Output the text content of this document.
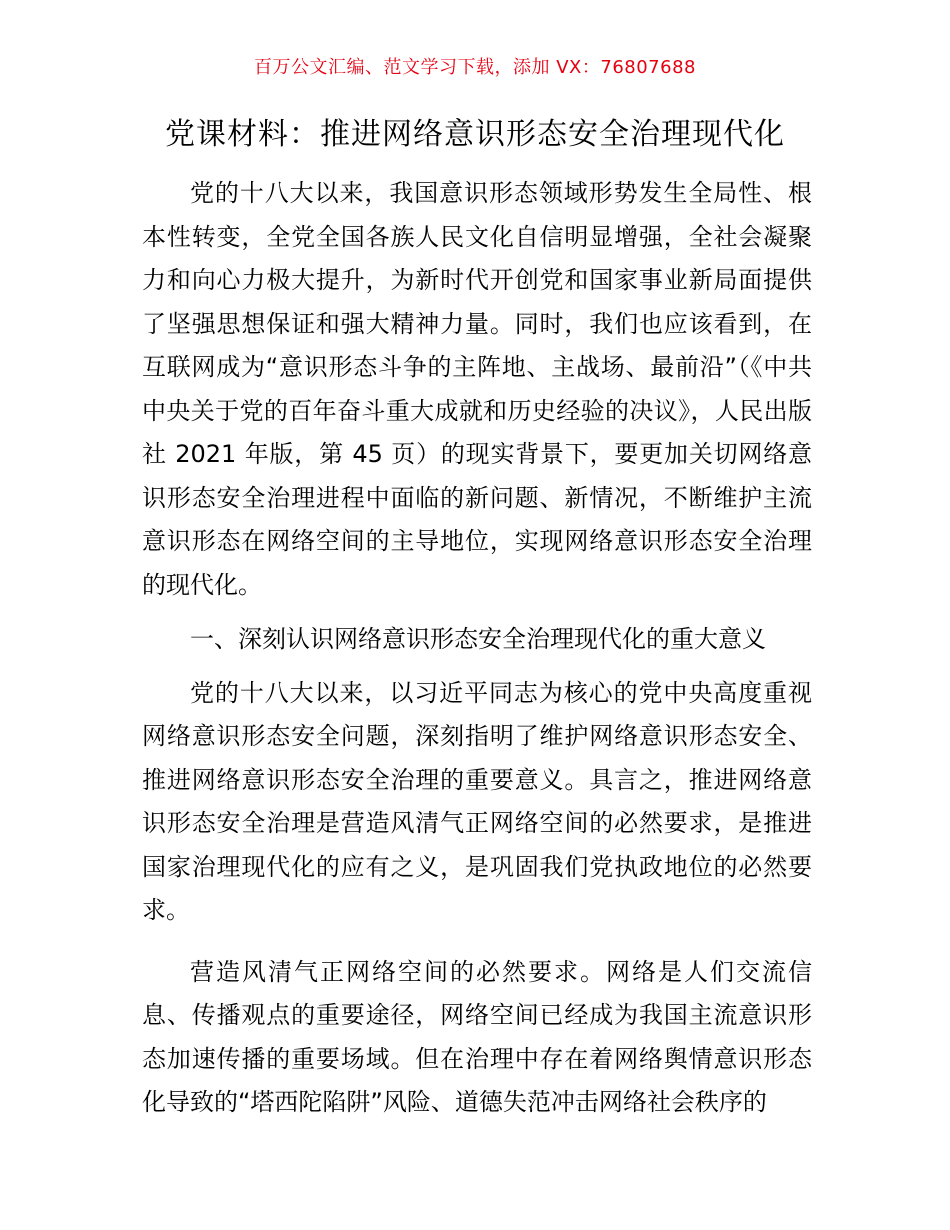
百万公文汇编、范文学习下载，添加 VX：76807688
党课材料：推进网络意识形态安全治理现代化

党的十八大以来，我国意识形态领域形势发生全局性、根本性转变，全党全国各族人民文化自信明显增强，全社会凝聚力和向心力极大提升，为新时代开创党和国家事业新局面提供了坚强思想保证和强大精神力量。同时，我们也应该看到，在互联网成为“意识形态斗争的主阵地、主战场、最前沿”（《中共中央关于党的百年奋斗重大成就和历史经验的决议》，人民出版社 2021 年版，第 45 页）的现实背景下，要更加关切网络意识形态安全治理进程中面临的新问题、新情况，不断维护主流意识形态在网络空间的主导地位，实现网络意识形态安全治理的现代化。

一、深刻认识网络意识形态安全治理现代化的重大意义

党的十八大以来，以习近平同志为核心的党中央高度重视网络意识形态安全问题，深刻指明了维护网络意识形态安全、推进网络意识形态安全治理的重要意义。具言之，推进网络意识形态安全治理是营造风清气正网络空间的必然要求，是推进国家治理现代化的应有之义，是巩固我们党执政地位的必然要求。

营造风清气正网络空间的必然要求。网络是人们交流信息、传播观点的重要途径，网络空间已经成为我国主流意识形态加速传播的重要场域。但在治理中存在着网络舆情意识形态化导致的“塔西陀陷阱”风险、道德失范冲击网络社会秩序的
